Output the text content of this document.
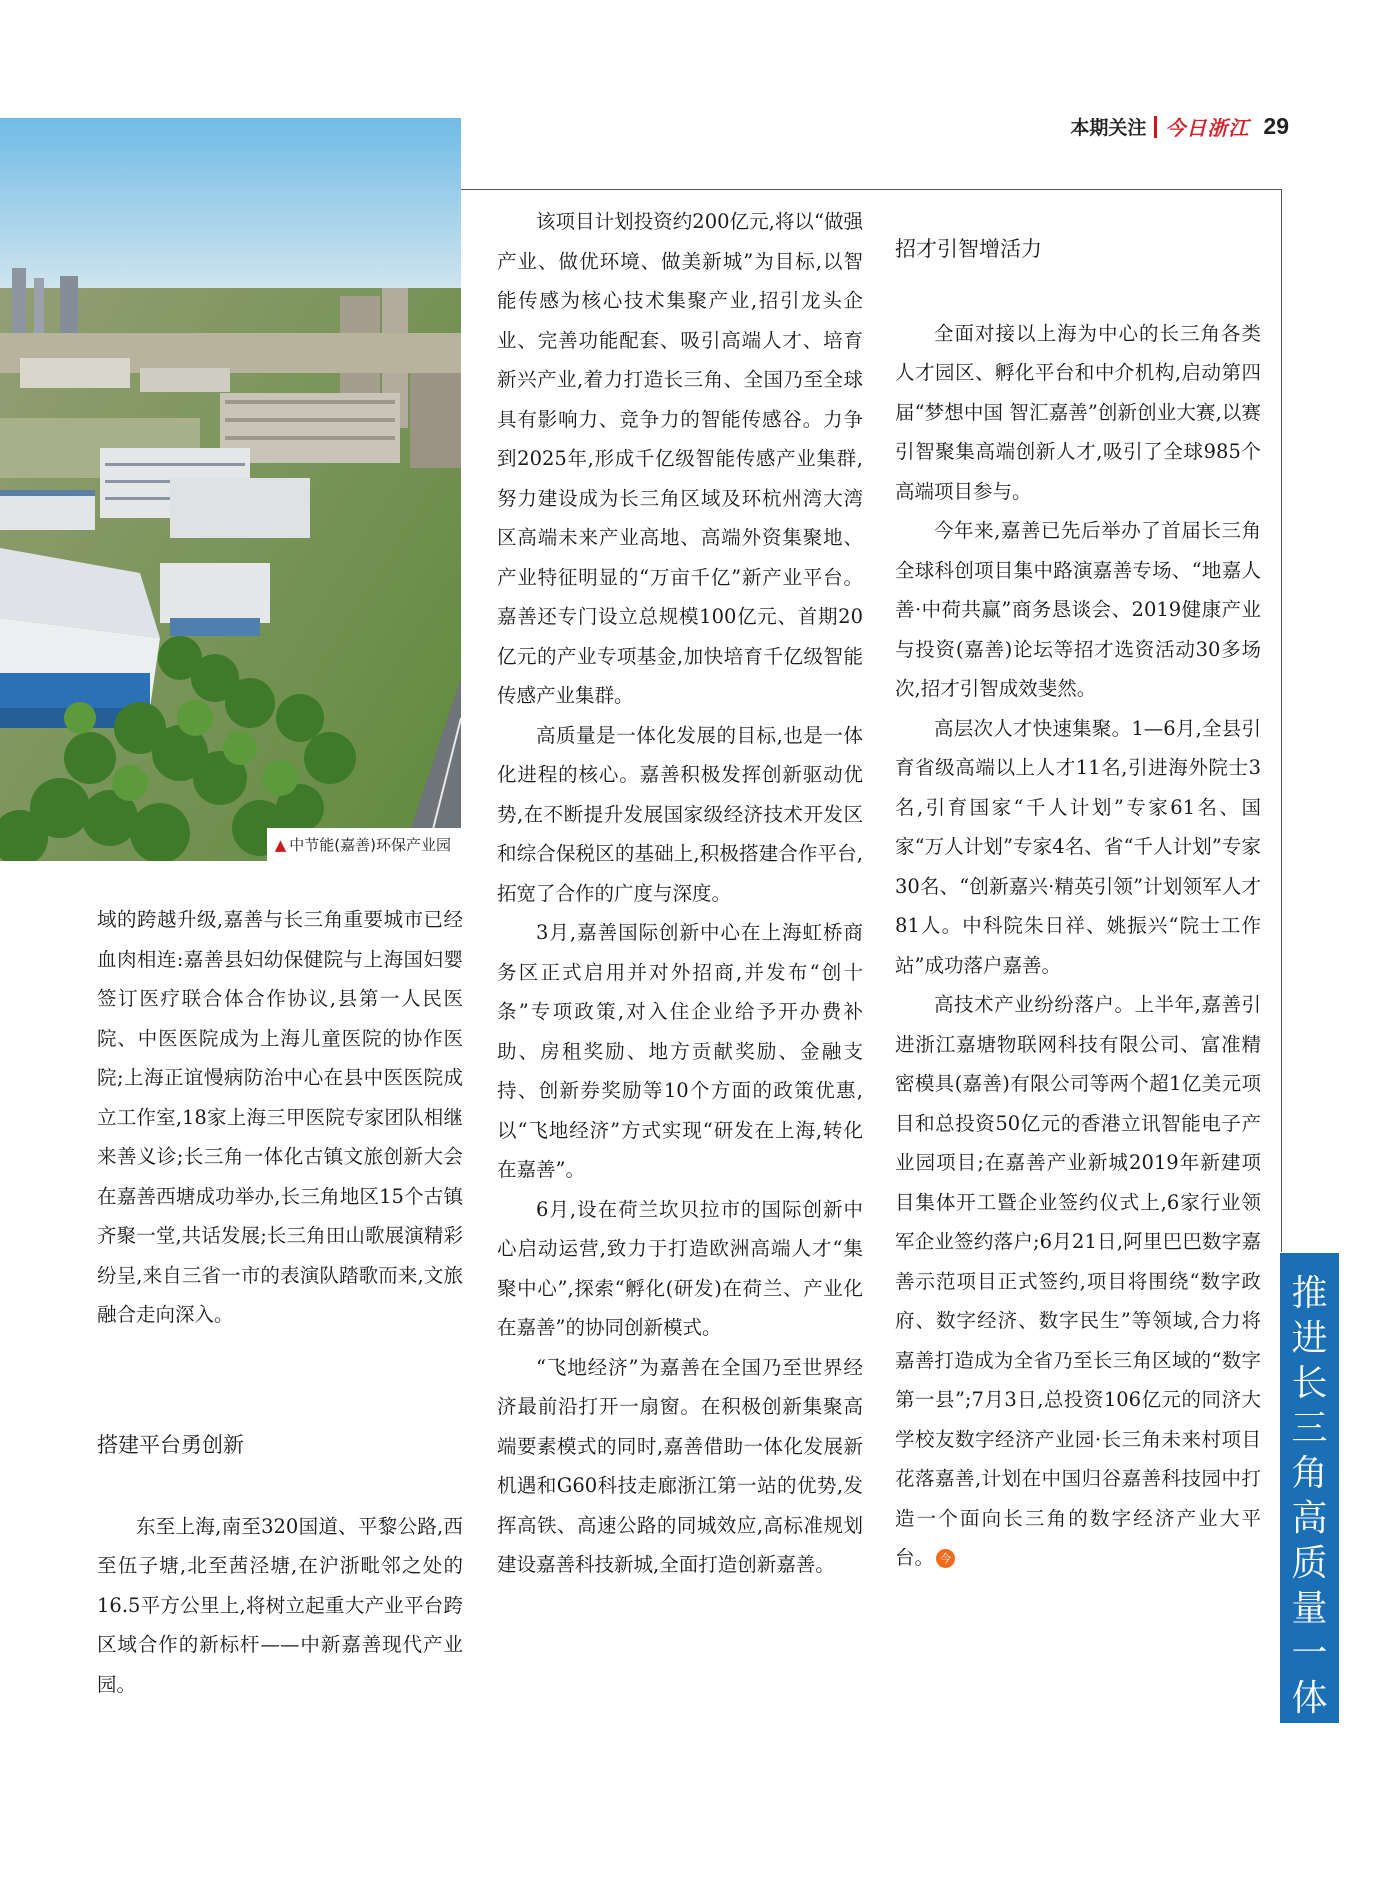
本期关注 今日浙江 29
▲ 中节能(嘉善)环保产业园

域的跨越升级,嘉善与长三角重要城市已经血肉相连:嘉善县妇幼保健院与上海国妇婴签订医疗联合体合作协议,县第一人民医院、中医医院成为上海儿童医院的协作医院;上海正谊慢病防治中心在县中医医院成立工作室,18家上海三甲医院专家团队相继来善义诊;长三角一体化古镇文旅创新大会在嘉善西塘成功举办,长三角地区15个古镇齐聚一堂,共话发展;长三角田山歌展演精彩纷呈,来自三省一市的表演队踏歌而来,文旅融合走向深入。

搭建平台勇创新

东至上海,南至320国道、平黎公路,西至伍子塘,北至茜泾塘,在沪浙毗邻之处的16.5平方公里上,将树立起重大产业平台跨区域合作的新标杆——中新嘉善现代产业园。

该项目计划投资约200亿元,将以“做强产业、做优环境、做美新城”为目标,以智能传感为核心技术集聚产业,招引龙头企业、完善功能配套、吸引高端人才、培育新兴产业,着力打造长三角、全国乃至全球具有影响力、竞争力的智能传感谷。力争到2025年,形成千亿级智能传感产业集群,努力建设成为长三角区域及环杭州湾大湾区高端未来产业高地、高端外资集聚地、产业特征明显的“万亩千亿”新产业平台。嘉善还专门设立总规模100亿元、首期20亿元的产业专项基金,加快培育千亿级智能传感产业集群。

高质量是一体化发展的目标,也是一体化进程的核心。嘉善积极发挥创新驱动优势,在不断提升发展国家级经济技术开发区和综合保税区的基础上,积极搭建合作平台,拓宽了合作的广度与深度。

3月,嘉善国际创新中心在上海虹桥商务区正式启用并对外招商,并发布“创十条”专项政策,对入住企业给予开办费补助、房租奖励、地方贡献奖励、金融支持、创新券奖励等10个方面的政策优惠,以“飞地经济”方式实现“研发在上海,转化在嘉善”。

6月,设在荷兰坎贝拉市的国际创新中心启动运营,致力于打造欧洲高端人才“集聚中心”,探索“孵化(研发)在荷兰、产业化在嘉善”的协同创新模式。

“飞地经济”为嘉善在全国乃至世界经济最前沿打开一扇窗。在积极创新集聚高端要素模式的同时,嘉善借助一体化发展新机遇和G60科技走廊浙江第一站的优势,发挥高铁、高速公路的同城效应,高标准规划建设嘉善科技新城,全面打造创新嘉善。

招才引智增活力

全面对接以上海为中心的长三角各类人才园区、孵化平台和中介机构,启动第四届“梦想中国 智汇嘉善”创新创业大赛,以赛引智聚集高端创新人才,吸引了全球985个高端项目参与。

今年来,嘉善已先后举办了首届长三角全球科创项目集中路演嘉善专场、“地嘉人善·中荷共赢”商务恳谈会、2019健康产业与投资(嘉善)论坛等招才选资活动30多场次,招才引智成效斐然。

高层次人才快速集聚。1—6月,全县引育省级高端以上人才11名,引进海外院士3名,引育国家“千人计划”专家61名、国家“万人计划”专家4名、省“千人计划”专家30名、“创新嘉兴·精英引领”计划领军人才81人。中科院朱日祥、姚振兴“院士工作站”成功落户嘉善。

高技术产业纷纷落户。上半年,嘉善引进浙江嘉塘物联网科技有限公司、富准精密模具(嘉善)有限公司等两个超1亿美元项目和总投资50亿元的香港立讯智能电子产业园项目;在嘉善产业新城2019年新建项目集体开工暨企业签约仪式上,6家行业领军企业签约落户;6月21日,阿里巴巴数字嘉善示范项目正式签约,项目将围绕“数字政府、数字经济、数字民生”等领域,合力将嘉善打造成为全省乃至长三角区域的“数字第一县”;7月3日,总投资106亿元的同济大学校友数字经济产业园·长三角未来村项目花落嘉善,计划在中国归谷嘉善科技园中打造一个面向长三角的数字经济产业大平台。 今

推
进
长
三
角
高
质
量
一
体
化
